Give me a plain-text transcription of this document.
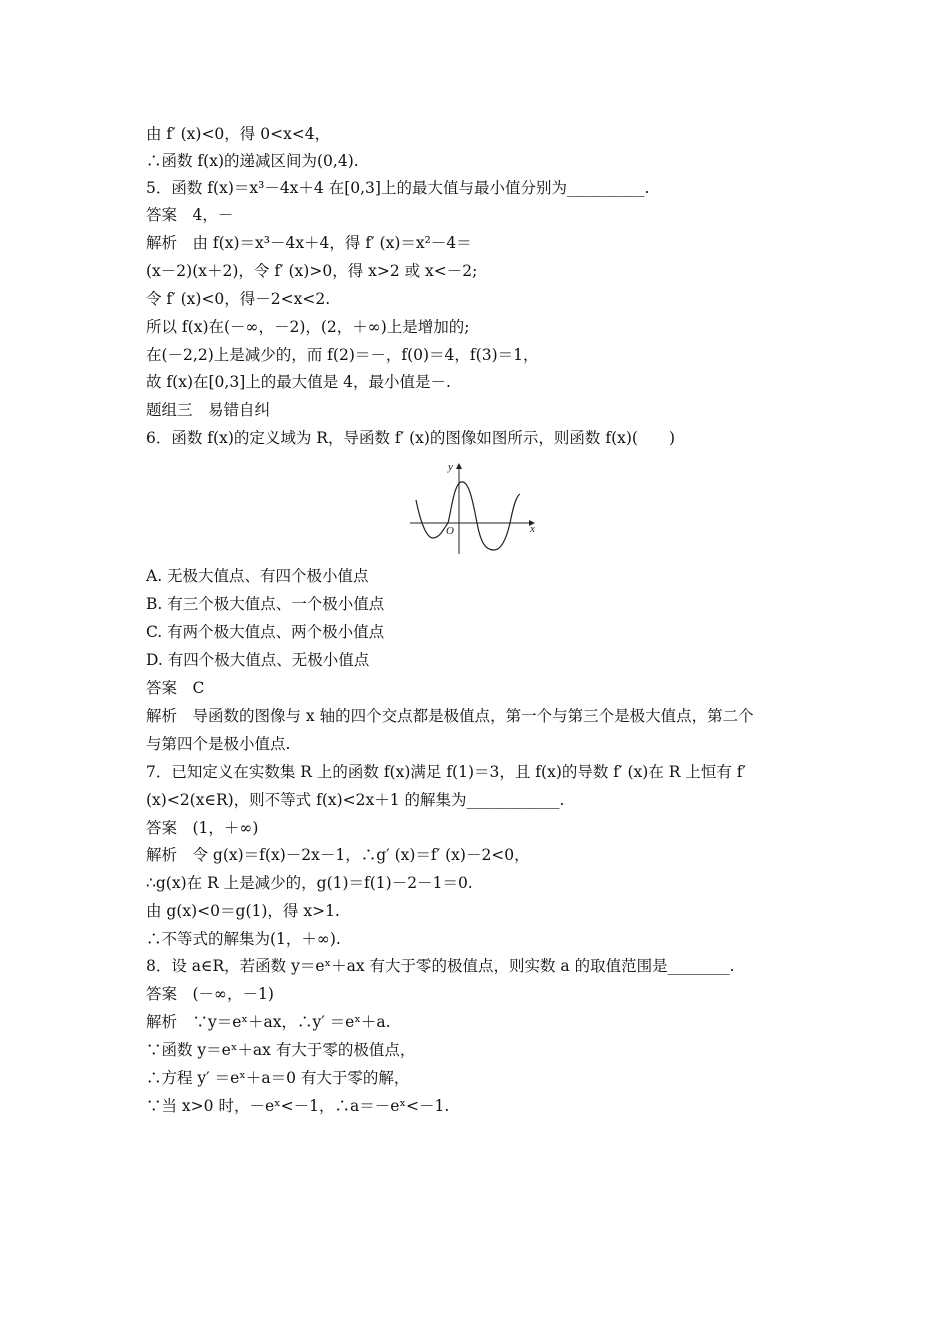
由 f′ (x)<0，得 0<x<4，
∴函数 f(x)的递减区间为(0,4).
5．函数 f(x)＝x³－4x＋4 在[0,3]上的最大值与最小值分别为__________.
答案　4，－
解析　由 f(x)＝x³－4x＋4，得 f′ (x)＝x²－4＝
(x－2)(x＋2)，令 f′ (x)>0，得 x>2 或 x<－2;
令 f′ (x)<0，得－2<x<2.
所以 f(x)在(－∞，－2)，(2，＋∞)上是增加的;
在(－2,2)上是减少的，而 f(2)＝－，f(0)＝4，f(3)＝1，
故 f(x)在[0,3]上的最大值是 4，最小值是－.
题组三　易错自纠
6．函数 f(x)的定义域为 R，导函数 f′ (x)的图像如图所示，则函数 f(x)(　　)
y
x
O
A. 无极大值点、有四个极小值点
B. 有三个极大值点、一个极小值点
C. 有两个极大值点、两个极小值点
D. 有四个极大值点、无极小值点
答案　C
解析　导函数的图像与 x 轴的四个交点都是极值点，第一个与第三个是极大值点，第二个
与第四个是极小值点.
7．已知定义在实数集 R 上的函数 f(x)满足 f(1)＝3，且 f(x)的导数 f′ (x)在 R 上恒有 f′
(x)<2(x∈R)，则不等式 f(x)<2x＋1 的解集为____________.
答案　(1，＋∞)
解析　令 g(x)＝f(x)－2x－1，∴g′ (x)＝f′ (x)－2<0，
∴g(x)在 R 上是减少的，g(1)＝f(1)－2－1＝0.
由 g(x)<0＝g(1)，得 x>1.
∴不等式的解集为(1，＋∞).
8．设 a∈R，若函数 y＝eˣ＋ax 有大于零的极值点，则实数 a 的取值范围是________.
答案　(－∞，－1)
解析　∵y＝eˣ＋ax，∴y′ ＝eˣ＋a.
∵函数 y＝eˣ＋ax 有大于零的极值点，
∴方程 y′ ＝eˣ＋a＝0 有大于零的解，
∵当 x>0 时，－eˣ<－1，∴a＝－eˣ<－1.
